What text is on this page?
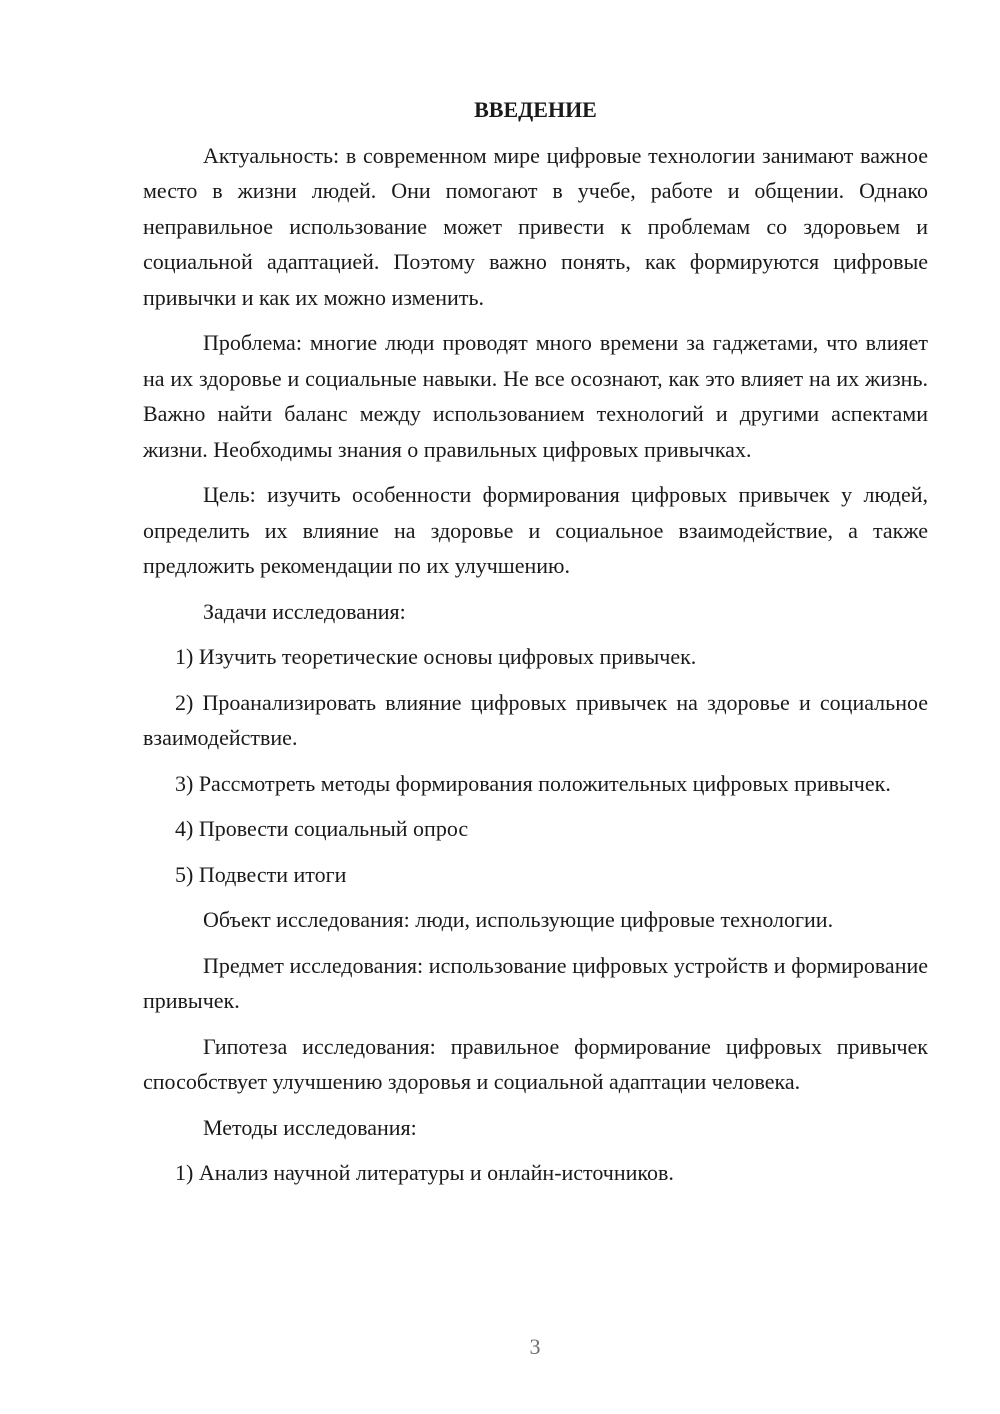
ВВЕДЕНИЕ

Актуальность: в современном мире цифровые технологии занимают важное место в жизни людей. Они помогают в учебе, работе и общении. Однако неправильное использование может привести к проблемам со здоровьем и социальной адаптацией. Поэтому важно понять, как формируются цифровые привычки и как их можно изменить.

Проблема: многие люди проводят много времени за гаджетами, что влияет на их здоровье и социальные навыки. Не все осознают, как это влияет на их жизнь. Важно найти баланс между использованием технологий и другими аспектами жизни. Необходимы знания о правильных цифровых привычках.

Цель: изучить особенности формирования цифровых привычек у людей, определить их влияние на здоровье и социальное взаимодействие, а также предложить рекомендации по их улучшению.

Задачи исследования:

1) Изучить теоретические основы цифровых привычек.

2) Проанализировать влияние цифровых привычек на здоровье и социальное взаимодействие.

3) Рассмотреть методы формирования положительных цифровых привычек.

4) Провести социальный опрос

5) Подвести итоги

Объект исследования: люди, использующие цифровые технологии.

Предмет исследования: использование цифровых устройств и формирование привычек.

Гипотеза исследования: правильное формирование цифровых привычек способствует улучшению здоровья и социальной адаптации человека.

Методы исследования:

1) Анализ научной литературы и онлайн-источников.

3
